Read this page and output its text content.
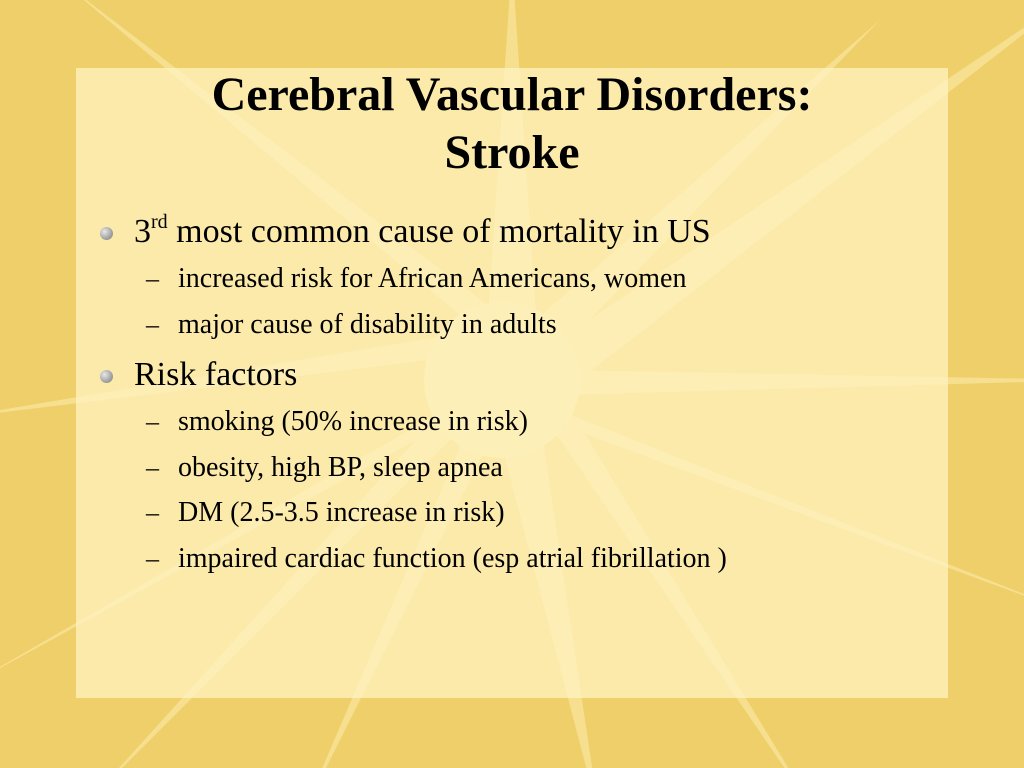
Cerebral Vascular Disorders:
Stroke
3rd most common cause of mortality in US
– increased risk for African Americans, women
– major cause of disability in adults
Risk factors
– smoking (50% increase in risk)
– obesity, high BP, sleep apnea
– DM (2.5-3.5 increase in risk)
– impaired cardiac function (esp atrial fibrillation )
